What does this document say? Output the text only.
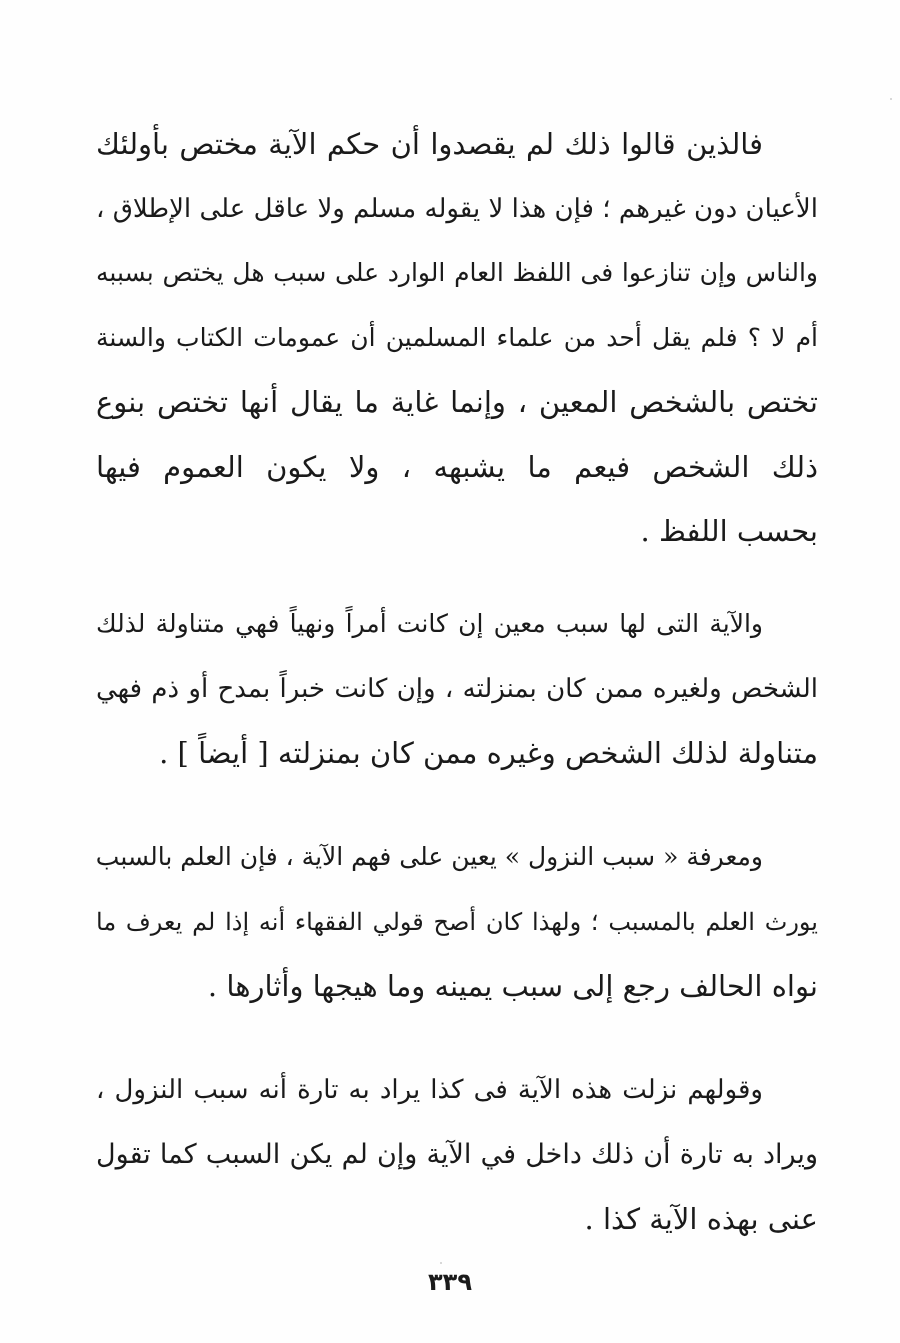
فالذين قالوا ذلك لم يقصدوا أن حكم الآية مختص بأولئك
الأعيان دون غيرهم ؛ فإن هذا لا يقوله مسلم ولا عاقل على الإطلاق ،
والناس وإن تنازعوا فى اللفظ العام الوارد على سبب هل يختص بسببه
أم لا ؟ فلم يقل أحد من علماء المسلمين أن عمومات الكتاب والسنة
تختص بالشخص المعين ، وإنما غاية ما يقال أنها تختص بنوع
ذلك الشخص فيعم ما يشبهه ، ولا يكون العموم فيها
بحسب اللفظ .
والآية التى لها سبب معين إن كانت أمراً ونهياً فهي متناولة لذلك
الشخص ولغيره ممن كان بمنزلته ، وإن كانت خبراً بمدح أو ذم فهي
متناولة لذلك الشخص وغيره ممن كان بمنزلته [ أيضاً ] .
ومعرفة « سبب النزول » يعين على فهم الآية ، فإن العلم بالسبب
يورث العلم بالمسبب ؛ ولهذا كان أصح قولي الفقهاء أنه إذا لم يعرف ما
نواه الحالف رجع إلى سبب يمينه وما هيجها وأثارها .
وقولهم نزلت هذه الآية فى كذا يراد به تارة أنه سبب النزول ،
ويراد به تارة أن ذلك داخل في الآية وإن لم يكن السبب كما تقول
عنى بهذه الآية كذا .
٣٣٩
